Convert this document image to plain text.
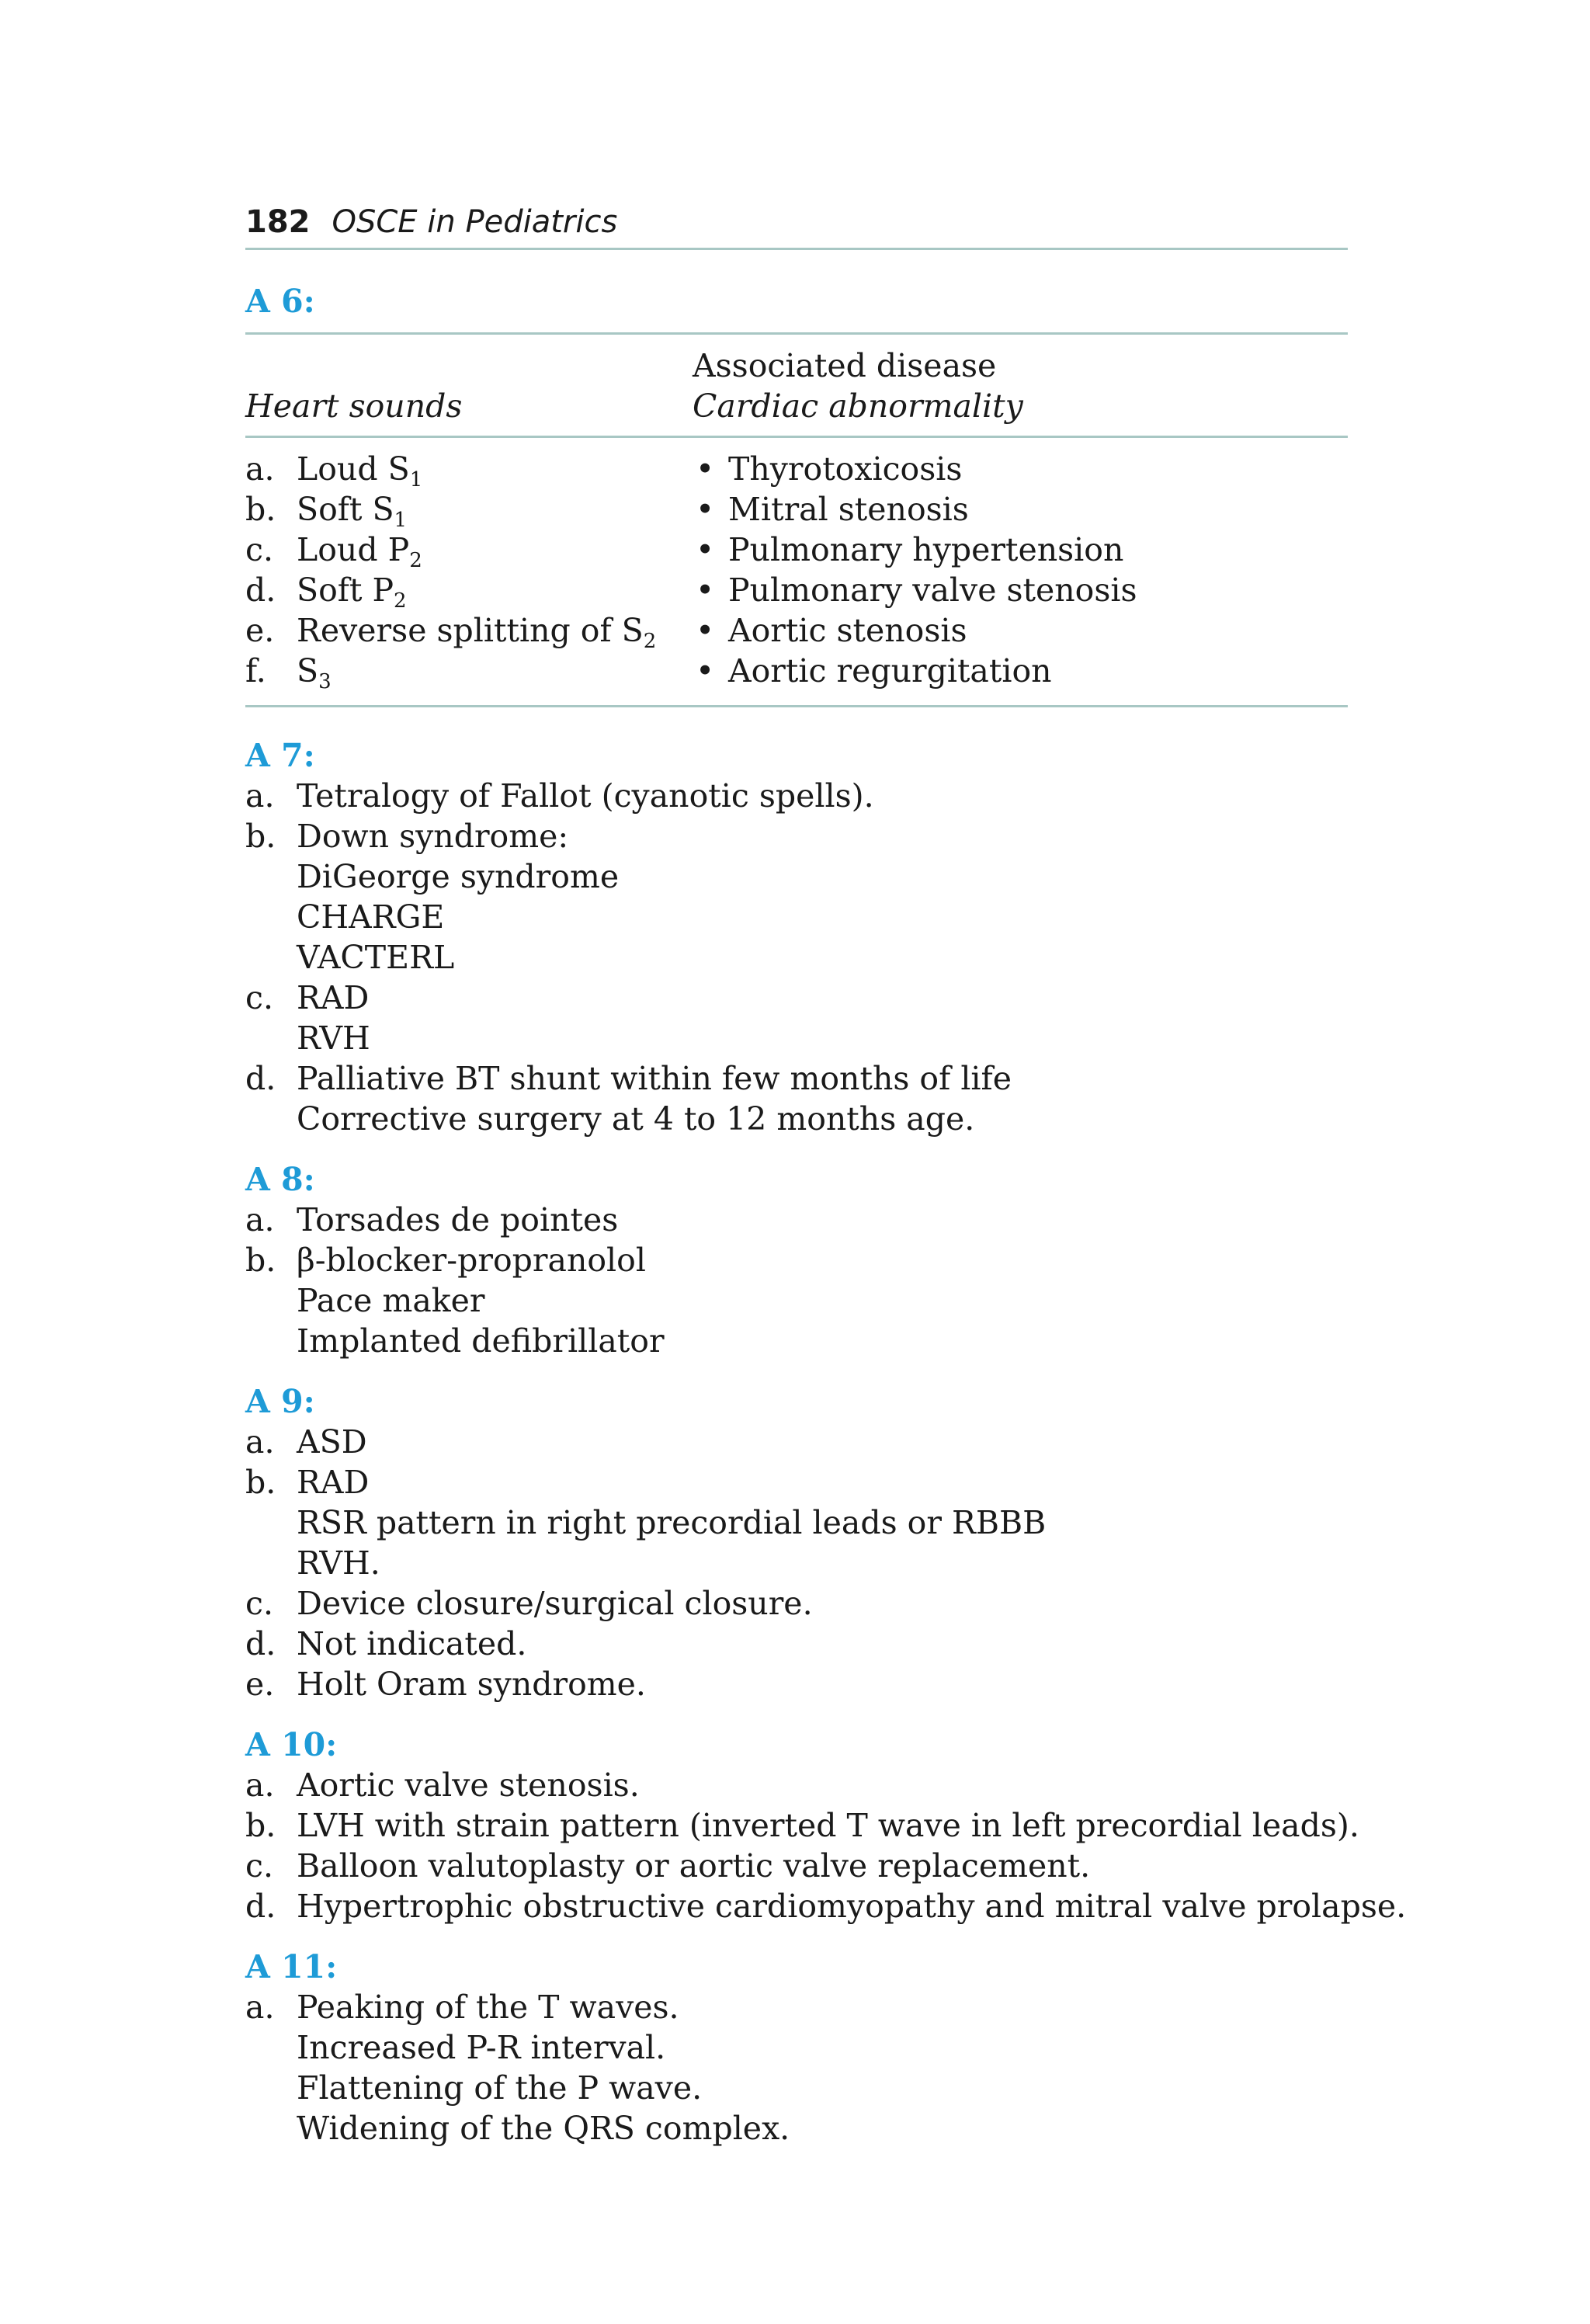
182 OSCE in Pediatrics
A 6:
Heart sounds	Associated disease
Cardiac abnormality

a. Loud $S_1$	• Thyrotoxicosis
b. Soft $S_1$	• Mitral stenosis
c. Loud $P_2$	• Pulmonary hypertension
d. Soft $P_2$	• Pulmonary valve stenosis
e. Reverse splitting of $S_2$	• Aortic stenosis
f. $S_3$	• Aortic regurgitation
A 7:
a. Tetralogy of Fallot (cyanotic spells).
b. Down syndrome:
DiGeorge syndrome
CHARGE
VACTERL
c. RAD
RVH
d. Palliative BT shunt within few months of life
Corrective surgery at 4 to 12 months age.
A 8:
a. Torsades de pointes
b. β-blocker-propranolol
Pace maker
Implanted defibrillator
A 9:
a. ASD
b. RAD
RSR pattern in right precordial leads or RBBB
RVH.
c. Device closure/surgical closure.
d. Not indicated.
e. Holt Oram syndrome.
A 10:
a. Aortic valve stenosis.
b. LVH with strain pattern (inverted T wave in left precordial leads).
c. Balloon valutoplasty or aortic valve replacement.
d. Hypertrophic obstructive cardiomyopathy and mitral valve prolapse.
A 11:
a. Peaking of the T waves.
Increased P-R interval.
Flattening of the P wave.
Widening of the QRS complex.
